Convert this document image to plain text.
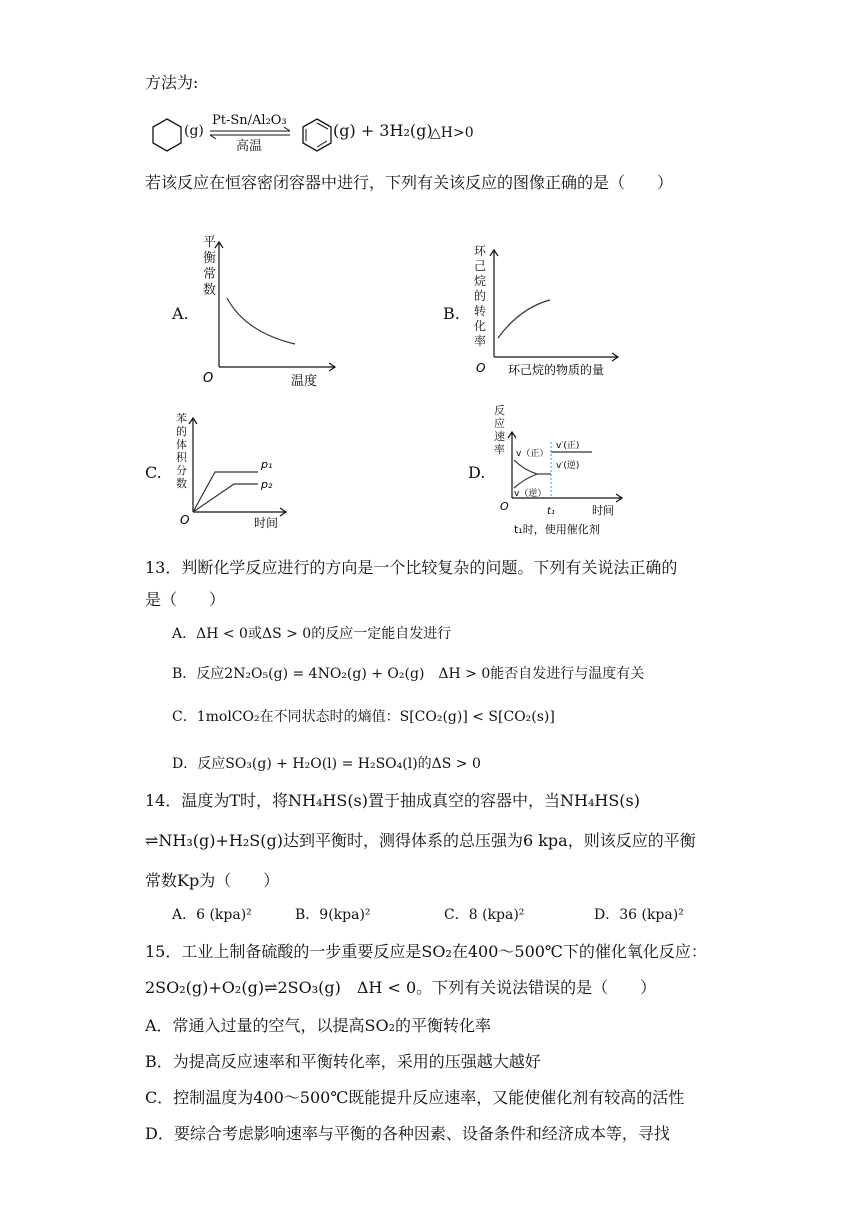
方法为:
(g)
Pt-Sn/Al₂O₃
高温
(g) + 3H₂(g)
△H>0
若该反应在恒容密闭容器中进行，下列有关该反应的图像正确的是（　　）
A.
平 衡 常 数
O	温度
B.
环 己 烷 的 转 化 率
O 环己烷的物质的量
C.
苯 的 体 积 分 数
p₁
p₂
O	时间
D.
反 应 速 率	v（正）
v（逆）
v′(正)
v′(逆)
t₁
O	时间
t₁时，使用催化剂
13．判断化学反应进行的方向是一个比较复杂的问题。下列有关说法正确的
是（　　）
A．ΔH < 0或ΔS > 0的反应一定能自发进行
B．反应2N₂O₅(g) = 4NO₂(g) + O₂(g)　ΔH > 0能否自发进行与温度有关
C．1molCO₂在不同状态时的熵值：S[CO₂(g)] < S[CO₂(s)]
D．反应SO₃(g) + H₂O(l) = H₂SO₄(l)的ΔS > 0
14．温度为T时，将NH₄HS(s)置于抽成真空的容器中，当NH₄HS(s)
⇌NH₃(g)+H₂S(g)达到平衡时，测得体系的总压强为6 kpa，则该反应的平衡
常数Kp为（　　）
A．6 (kpa)²	B．9(kpa)²	C．8 (kpa)²	D．36 (kpa)²
15．工业上制备硫酸的一步重要反应是SO₂在400～500℃下的催化氧化反应：
2SO₂(g)+O₂(g)⇌2SO₃(g)　ΔH < 0。下列有关说法错误的是（　　）
A．常通入过量的空气，以提高SO₂的平衡转化率
B．为提高反应速率和平衡转化率，采用的压强越大越好
C．控制温度为400～500℃既能提升反应速率，又能使催化剂有较高的活性
D．要综合考虑影响速率与平衡的各种因素、设备条件和经济成本等，寻找
